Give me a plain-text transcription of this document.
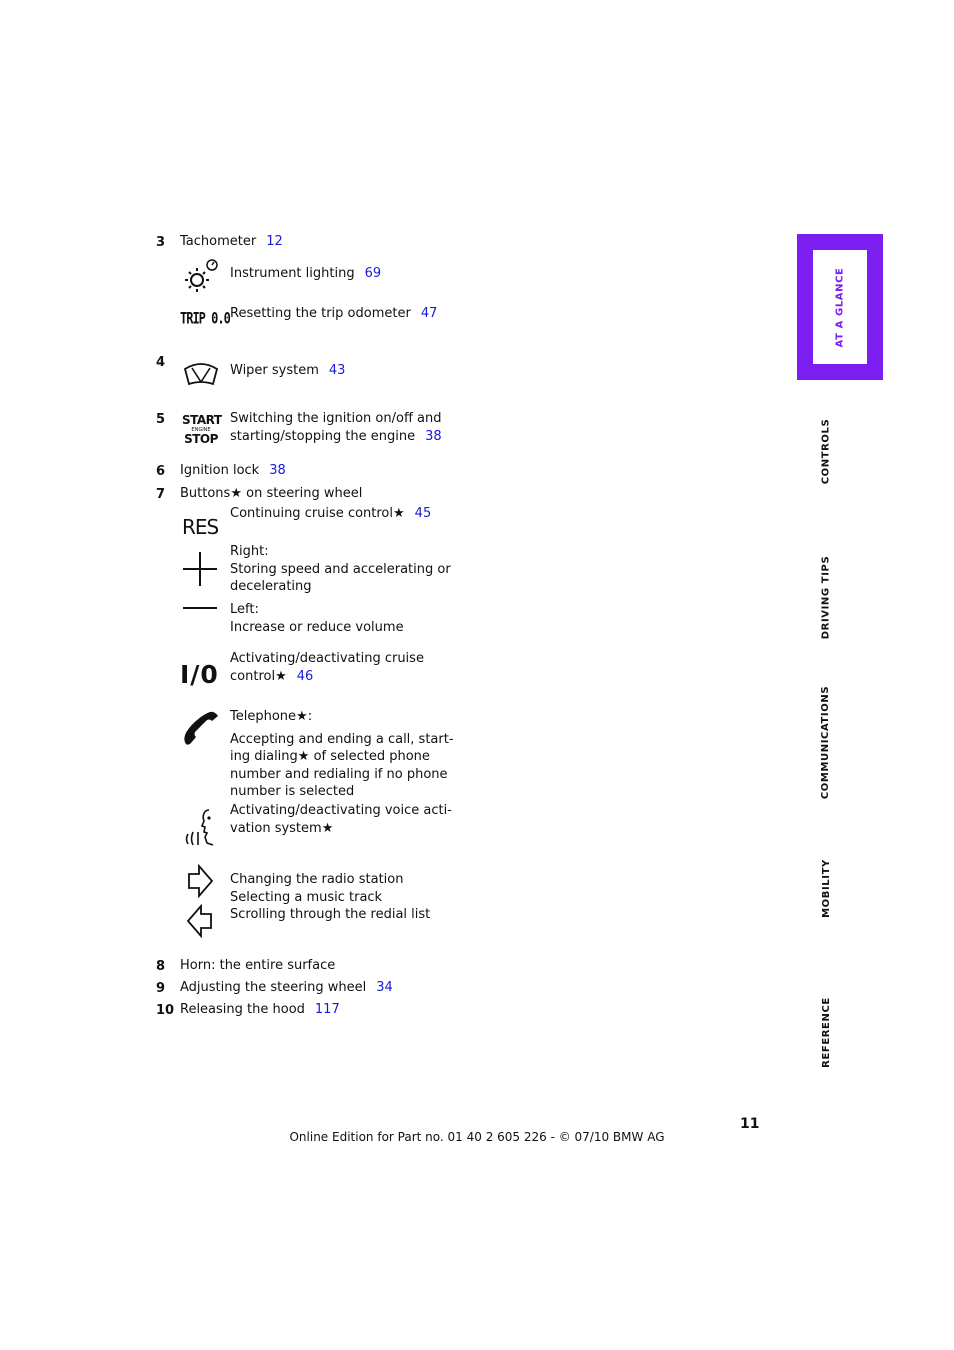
3 Tachometer 12
Instrument lighting 69
TRIP 0.0 Resetting the trip odometer 47
4
Wiper system 43
5 START
ENGINE
STOP
Switching the ignition on/off and
starting/stopping the engine 38
6 Ignition lock 38
7 Buttons★ on steering wheel
RES
Continuing cruise control★ 45
Right:
Storing speed and accelerating or
decelerating
Left:
Increase or reduce volume
I/0
Activating/deactivating cruise
control★ 46
Telephone★:
Accepting and ending a call, start-
ing dialing★ of selected phone
number and redialing if no phone
number is selected
Activating/deactivating voice acti-
vation system★
Changing the radio station
Selecting a music track
Scrolling through the redial list
8 Horn: the entire surface
9 Adjusting the steering wheel 34
10 Releasing the hood 117
AT A GLANCE
CONTROLS
DRIVING TIPS
COMMUNICATIONS
MOBILITY
REFERENCE
11
Online Edition for Part no. 01 40 2 605 226 - © 07/10 BMW AG
